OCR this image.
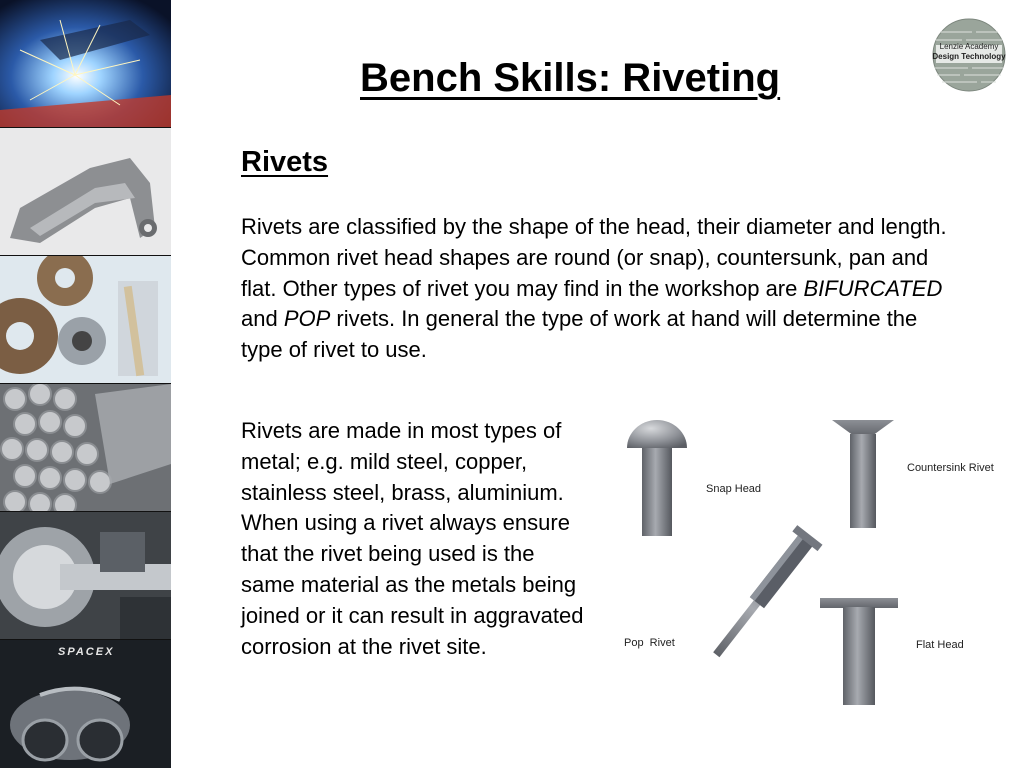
SPACEX
Lenzie Academy
Design Technology
Bench Skills: Riveting
Rivets
Rivets are classified by the shape of the head, their diameter and length. Common rivet head shapes are round (or snap), countersunk, pan and flat. Other types of rivet you may find in the workshop are BIFURCATED and POP rivets. In general the type of work at hand will determine the type of rivet to use.
Rivets are made in most types of metal; e.g. mild steel, copper, stainless steel, brass, aluminium. When using a rivet always ensure that the rivet being used is the same material as the metals being joined or it can result in aggravated corrosion at the rivet site.
Snap Head
Countersink Rivet
Pop  Rivet	Flat Head
